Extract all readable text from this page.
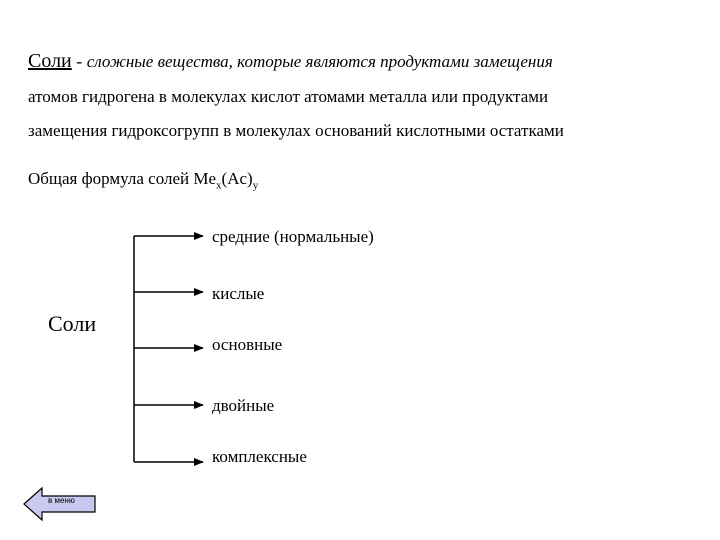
Соли - сложные вещества, которые являются продуктами замещения
атомов гидрогена в молекулах кислот атомами металла или продуктами
замещения гидроксогрупп в молекулах оснований кислотными остатками
Общая формула солей $Me_x(Ac)_y$
Соли
средние (нормальные)
кислые
основные
двойные
комплексные
в меню
